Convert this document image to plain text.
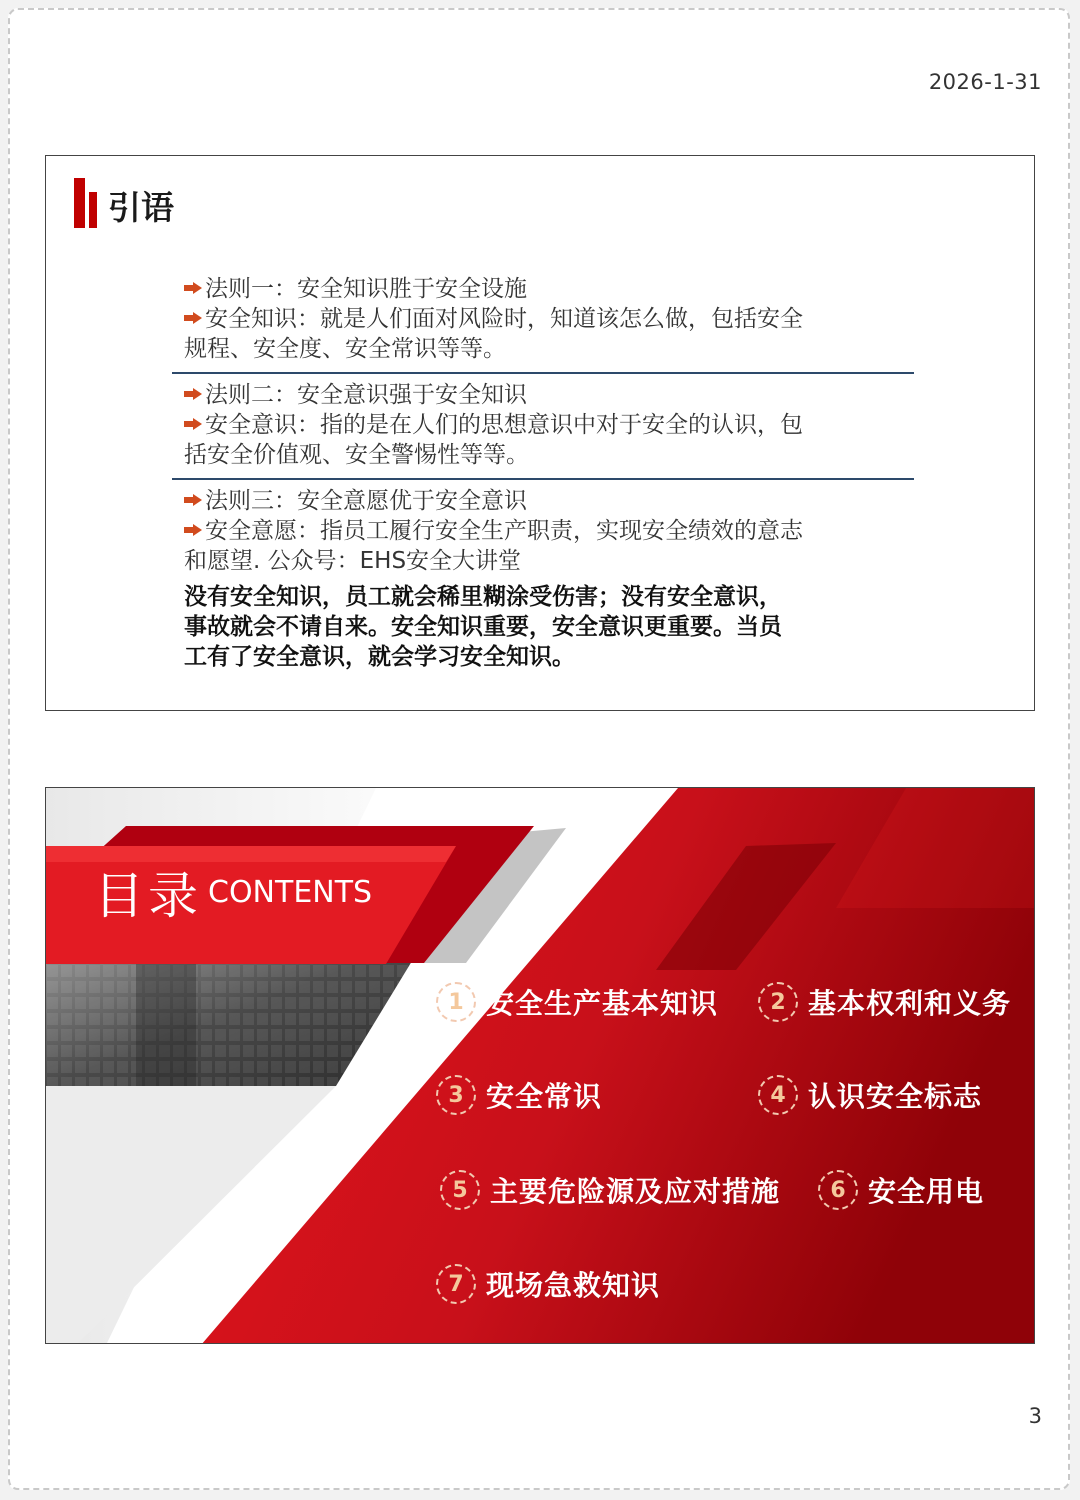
2026-1-31
引语
法则一：安全知识胜于安全设施
安全知识：就是人们面对风险时，知道该怎么做，包括安全
规程、安全度、安全常识等等。
法则二：安全意识强于安全知识
安全意识：指的是在人们的思想意识中对于安全的认识，包
括安全价值观、安全警惕性等等。
法则三：安全意愿优于安全意识
安全意愿：指员工履行安全生产职责，实现安全绩效的意志
和愿望. 公众号：EHS安全大讲堂
没有安全知识，员工就会稀里糊涂受伤害；没有安全意识，
事故就会不请自来。安全知识重要，安全意识更重要。当员
工有了安全意识，就会学习安全知识。
目录 CONTENTS
1 安全生产基本知识	2 基本权利和义务
3 安全常识	4 认识安全标志
5 主要危险源及应对措施	6 安全用电
7 现场急救知识
3
